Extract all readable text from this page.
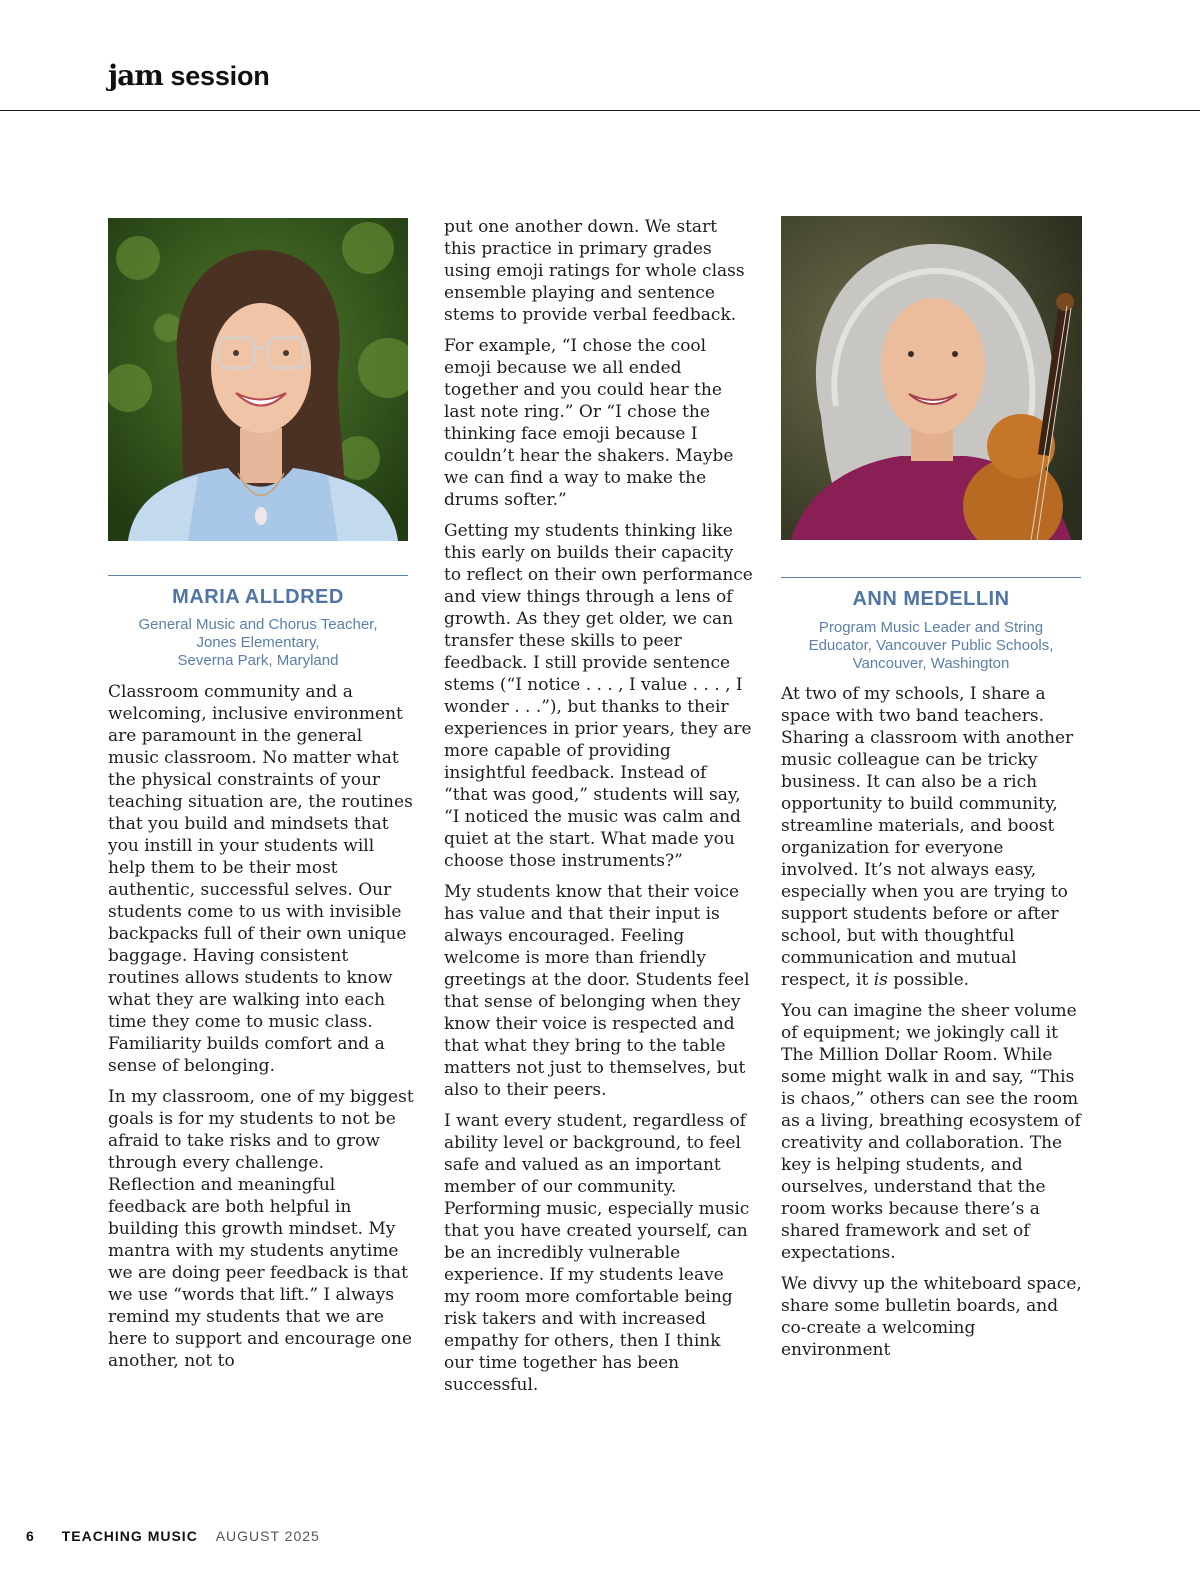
jam session
MARIA ALLDRED
General Music and Chorus Teacher,
Jones Elementary,
Severna Park, Maryland

Classroom community and a welcoming, inclusive environment are paramount in the general music classroom. No matter what the physical constraints of your teaching situation are, the routines that you build and mindsets that you instill in your students will help them to be their most authentic, successful selves. Our students come to us with invisible backpacks full of their own unique baggage. Having consistent routines allows students to know what they are walking into each time they come to music class. Familiarity builds comfort and a sense of belonging.

In my classroom, one of my biggest goals is for my students to not be afraid to take risks and to grow through every challenge. Reflection and meaningful feedback are both helpful in building this growth mindset. My mantra with my students anytime we are doing peer feedback is that we use “words that lift.” I always remind my students that we are here to support and encourage one another, not to

put one another down. We start this practice in primary grades using emoji ratings for whole class ensemble playing and sentence stems to provide verbal feedback.

For example, “I chose the cool emoji because we all ended together and you could hear the last note ring.” Or “I chose the thinking face emoji because I couldn’t hear the shakers. Maybe we can find a way to make the drums softer.”

Getting my students thinking like this early on builds their capacity to reflect on their own performance and view things through a lens of growth. As they get older, we can transfer these skills to peer feedback. I still provide sentence stems (“I notice . . . , I value . . . , I wonder . . .”), but thanks to their experiences in prior years, they are more capable of providing insightful feedback. Instead of “that was good,” students will say, “I noticed the music was calm and quiet at the start. What made you choose those instruments?”

My students know that their voice has value and that their input is always encouraged. Feeling welcome is more than friendly greetings at the door. Students feel that sense of belonging when they know their voice is respected and that what they bring to the table matters not just to themselves, but also to their peers.

I want every student, regardless of ability level or background, to feel safe and valued as an important member of our community. Performing music, especially music that you have created yourself, can be an incredibly vulnerable experience. If my students leave my room more comfortable being risk takers and with increased empathy for others, then I think our time together has been successful.

ANN MEDELLIN
Program Music Leader and String
Educator, Vancouver Public Schools,
Vancouver, Washington

At two of my schools, I share a space with two band teachers. Sharing a classroom with another music colleague can be tricky business. It can also be a rich opportunity to build community, streamline materials, and boost organization for everyone involved. It’s not always easy, especially when you are trying to support students before or after school, but with thoughtful communication and mutual respect, it is possible.

You can imagine the sheer volume of equipment; we jokingly call it The Million Dollar Room. While some might walk in and say, “This is chaos,” others can see the room as a living, breathing ecosystem of creativity and collaboration. The key is helping students, and ourselves, understand that the room works because there’s a shared framework and set of expectations.

We divvy up the whiteboard space, share some bulletin boards, and co-create a welcoming environment

6 TEACHING MUSIC AUGUST 2025
